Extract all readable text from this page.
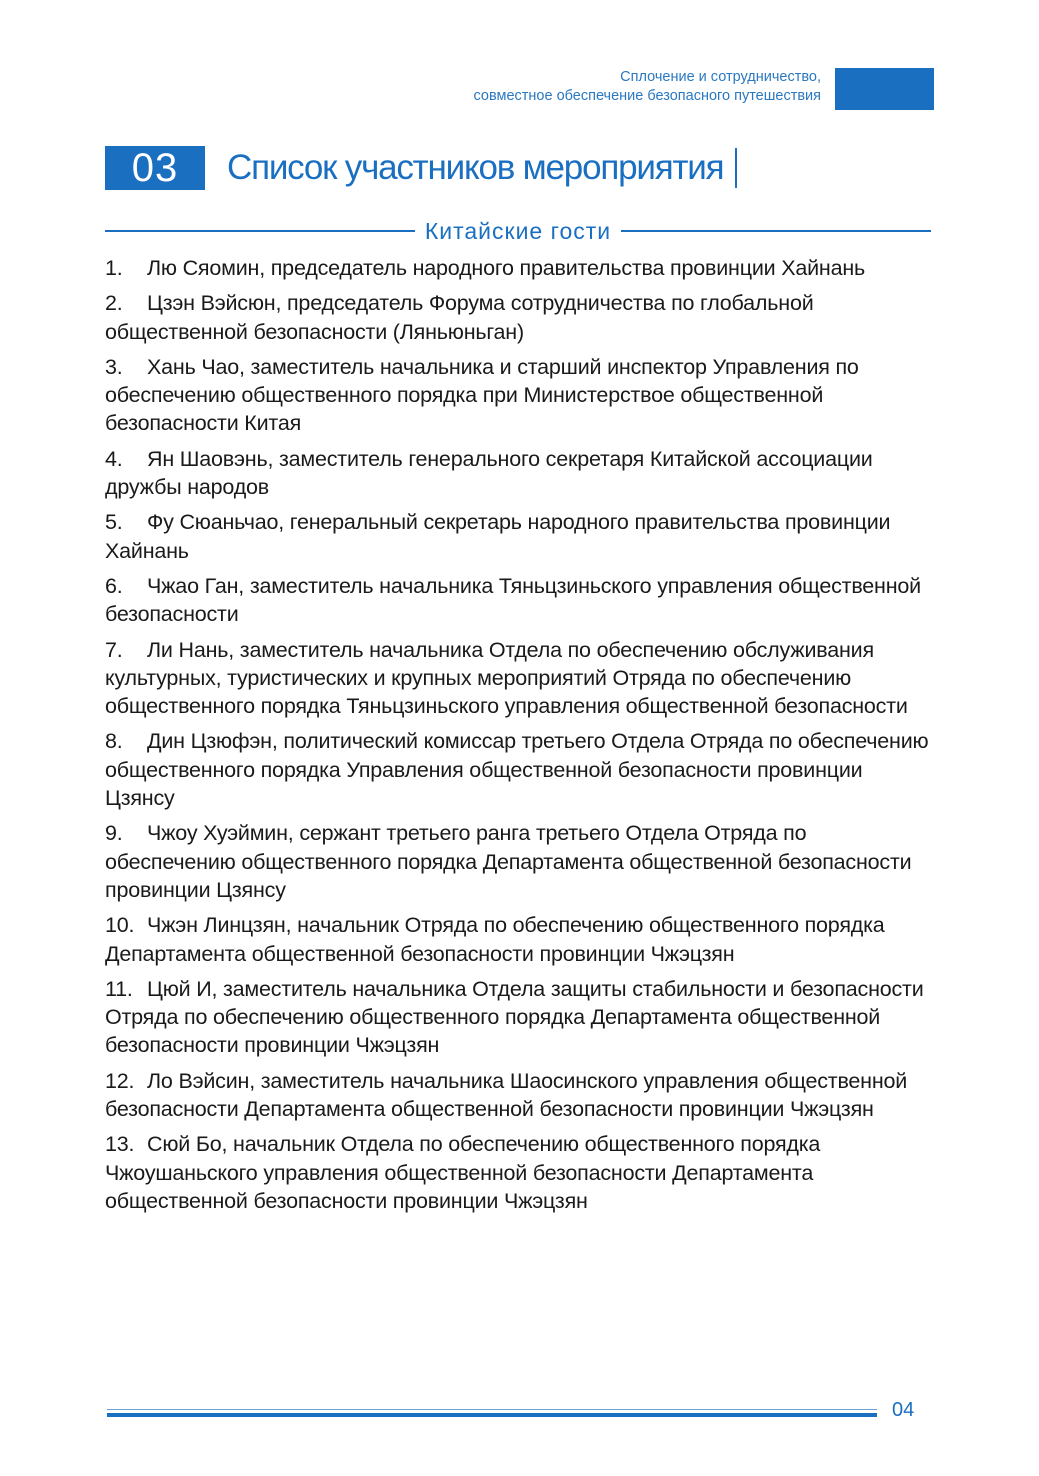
Сплочение и сотрудничество,
совместное обеспечение безопасного путешествия
03	Список участников мероприятия
Китайские гости
1. Лю Сяомин, председатель народного правительства провинции Хайнань
2. Цзэн Вэйсюн, председатель Форума сотрудничества по глобальной общественной безопасности (Ляньюньган)
3. Хань Чао, заместитель начальника и старший инспектор Управления по обеспечению общественного порядка при Министерствое общественной безопасности Китая
4. Ян Шаовэнь, заместитель генерального секретаря Китайской ассоциации дружбы народов
5. Фу Сюаньчао, генеральный секретарь народного правительства провинции Хайнань
6. Чжао Ган, заместитель начальника Тяньцзиньского управления общественной безопасности
7. Ли Нань, заместитель начальника Отдела по обеспечению обслуживания культурных, туристических и крупных мероприятий Отряда по обеспечению общественного порядка Тяньцзиньского управления общественной безопасности
8. Дин Цзюфэн, политический комиссар третьего Отдела Отряда по обеспечению общественного порядка Управления общественной безопасности провинции Цзянсу
9. Чжоу Хуэймин, сержант третьего ранга третьего Отдела Отряда по обеспечению общественного порядка Департамента общественной безопасности провинции Цзянсу
10. Чжэн Линцзян, начальник Отряда по обеспечению общественного порядка Департамента общественной безопасности провинции Чжэцзян
11. Цюй И, заместитель начальника Отдела защиты стабильности и безопасности Отряда по обеспечению общественного порядка Департамента общественной безопасности провинции Чжэцзян
12. Ло Вэйсин, заместитель начальника Шаосинского управления общественной безопасности Департамента общественной безопасности провинции Чжэцзян
13. Сюй Бо, начальник Отдела по обеспечению общественного порядка Чжоушаньского управления общественной безопасности Департамента общественной безопасности провинции Чжэцзян
04
